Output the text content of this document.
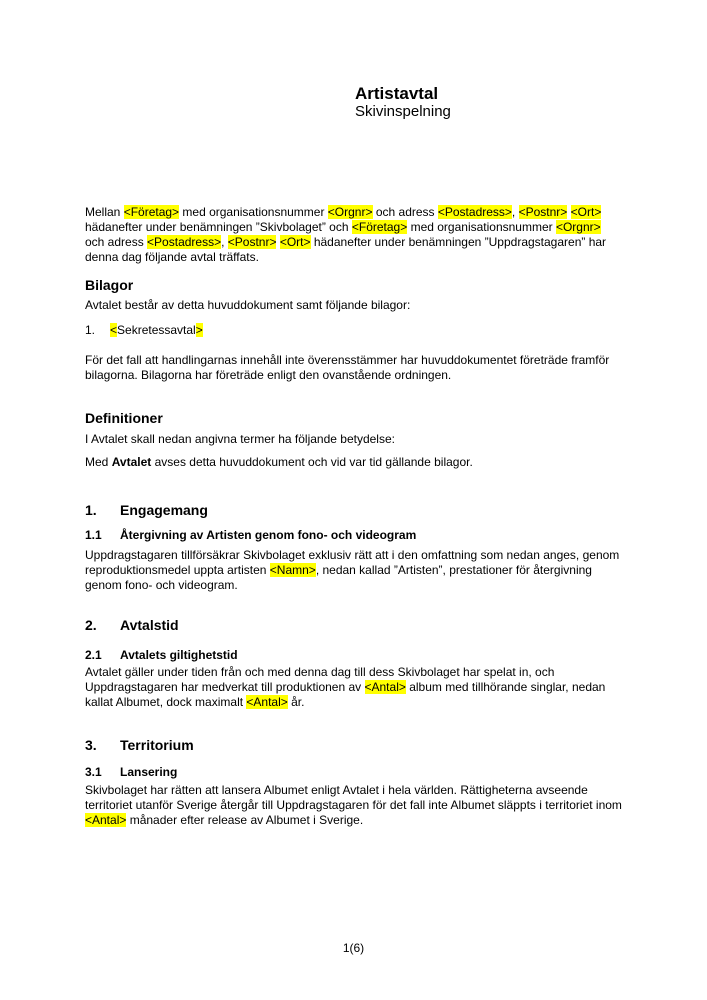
Artistavtal
Skivinspelning

Mellan <Företag> med organisationsnummer <Orgnr> och adress <Postadress>, <Postnr> <Ort> hädanefter under benämningen ”Skivbolaget” och <Företag> med organisationsnummer <Orgnr> och adress <Postadress>, <Postnr> <Ort> hädanefter under benämningen ”Uppdragstagaren” har denna dag följande avtal träffats.

Bilagor

Avtalet består av detta huvuddokument samt följande bilagor:

1.	<Sekretessavtal>

För det fall att handlingarnas innehåll inte överensstämmer har huvuddokumentet företräde framför bilagorna. Bilagorna har företräde enligt den ovanstående ordningen.

Definitioner

I Avtalet skall nedan angivna termer ha följande betydelse:

Med Avtalet avses detta huvuddokument och vid var tid gällande bilagor.

1.	Engagemang
1.1	Återgivning av Artisten genom fono- och videogram

Uppdragstagaren tillförsäkrar Skivbolaget exklusiv rätt att i den omfattning som nedan anges, genom reproduktionsmedel uppta artisten <Namn>, nedan kallad ”Artisten”, prestationer för återgivning genom fono- och videogram.

2.	Avtalstid
2.1	Avtalets giltighetstid

Avtalet gäller under tiden från och med denna dag till dess Skivbolaget har spelat in, och Uppdragstagaren har medverkat till produktionen av <Antal> album med tillhörande singlar, nedan kallat Albumet, dock maximalt <Antal> år.

3.	Territorium
3.1	Lansering

Skivbolaget har rätten att lansera Albumet enligt Avtalet i hela världen. Rättigheterna avseende territoriet utanför Sverige återgår till Uppdragstagaren för det fall inte Albumet släppts i territoriet inom <Antal> månader efter release av Albumet i Sverige.

1(6)
